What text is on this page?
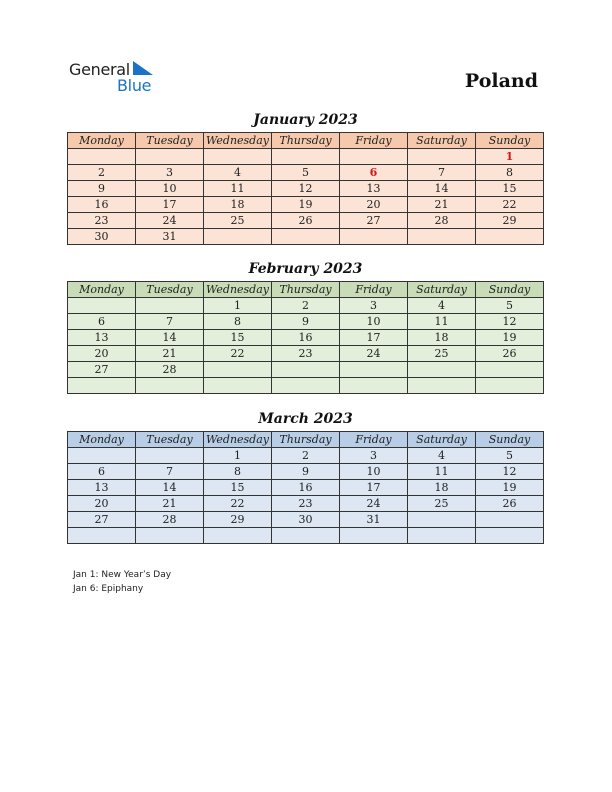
General
Blue	Poland
January 2023
Monday	Tuesday	Wednesday	Thursday	Friday	Saturday	Sunday
						1
2	3	4	5	6	7	8
9	10	11	12	13	14	15
16	17	18	19	20	21	22
23	24	25	26	27	28	29
30	31					
February 2023
Monday	Tuesday	Wednesday	Thursday	Friday	Saturday	Sunday
		1	2	3	4	5
6	7	8	9	10	11	12
13	14	15	16	17	18	19
20	21	22	23	24	25	26
27	28					

March 2023
Monday	Tuesday	Wednesday	Thursday	Friday	Saturday	Sunday
		1	2	3	4	5
6	7	8	9	10	11	12
13	14	15	16	17	18	19
20	21	22	23	24	25	26
27	28	29	30	31		

Jan 1: New Year’s Day
Jan 6: Epiphany
